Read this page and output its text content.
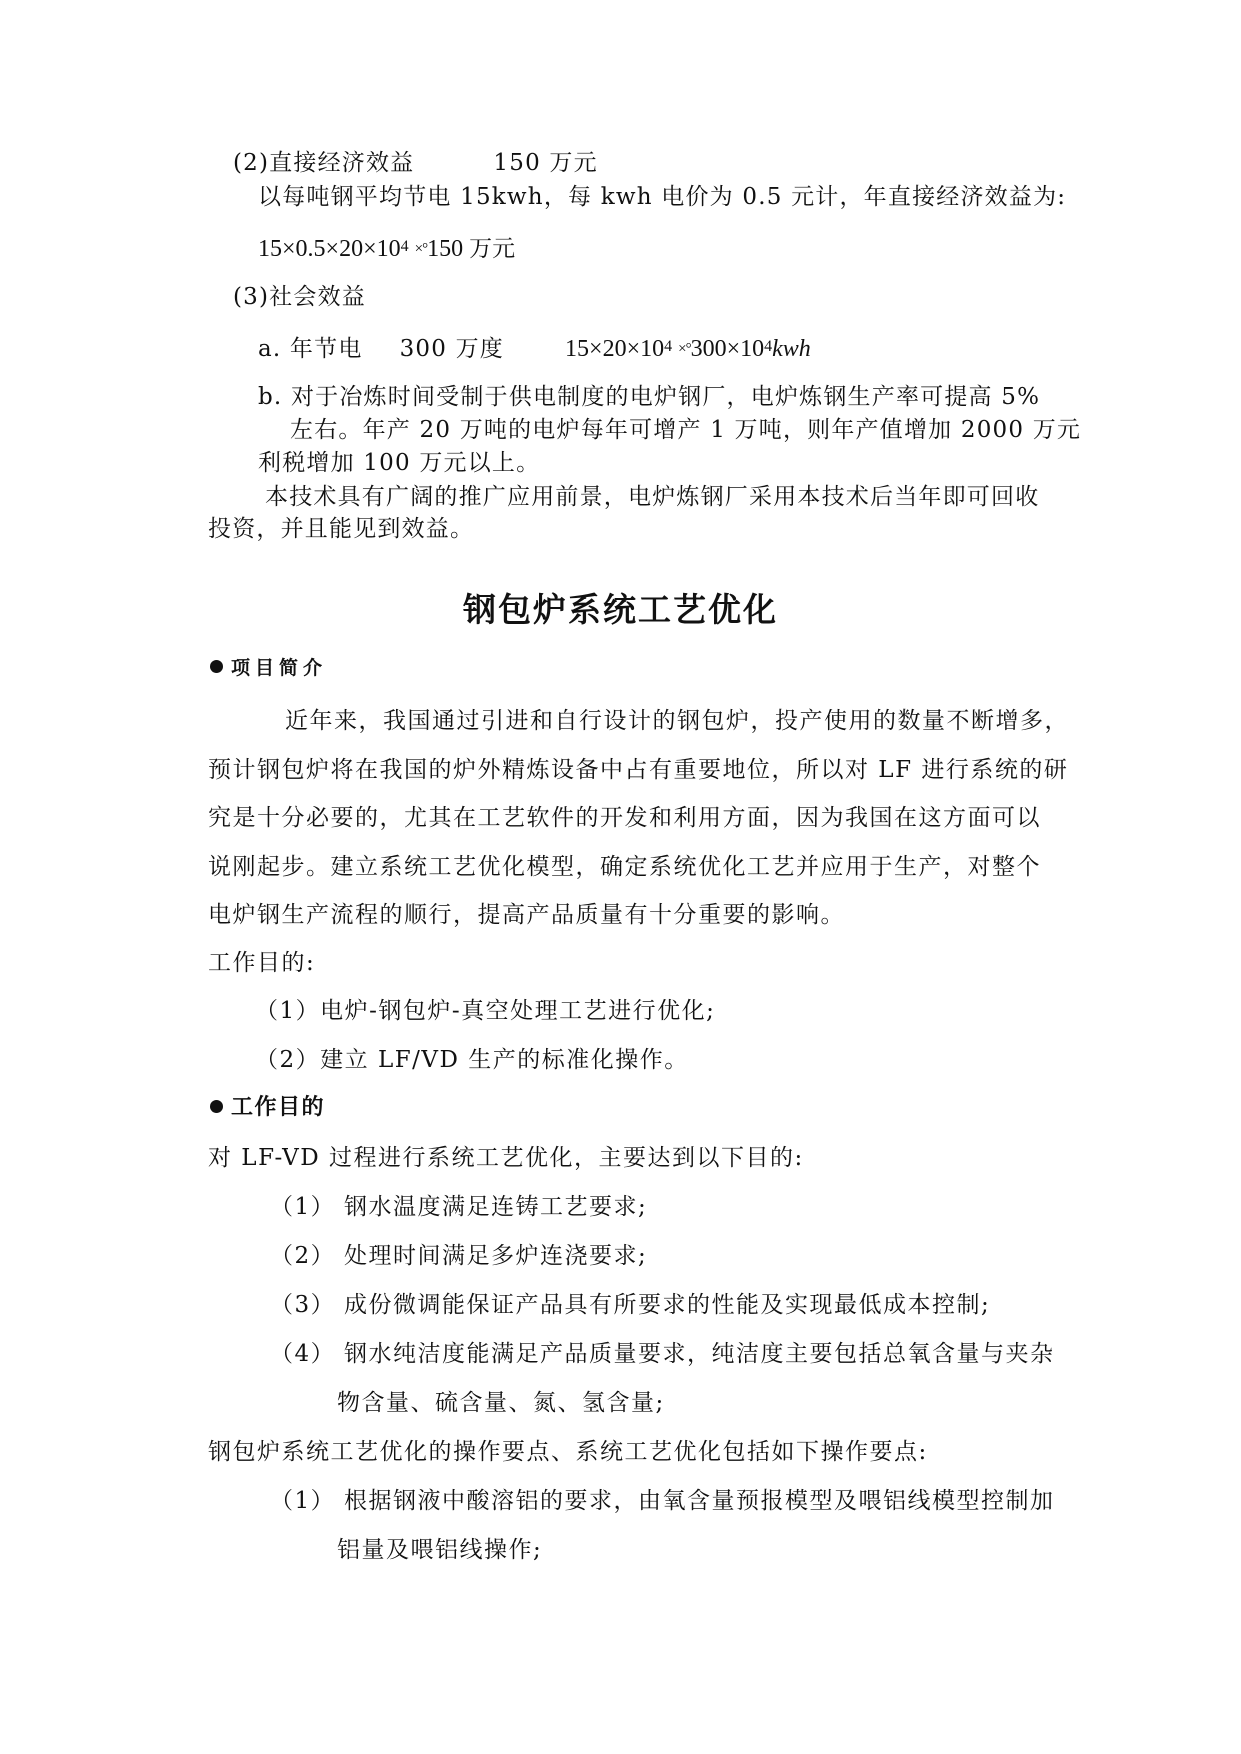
(2)直接经济效益	150 万元
以每吨钢平均节电 15kwh，每 kwh 电价为 0.5 元计，年直接经济效益为:
$15\times 0.5\times 20\times 10^4 \times^\circ 150$ 万元
(3)社会效益
a. 年节电 300 万度	$15\times 20\times 10^4 \times^\circ 300\times 10^4kwh$
b. 对于冶炼时间受制于供电制度的电炉钢厂，电炉炼钢生产率可提高 5%
左右。年产 20 万吨的电炉每年可增产 1 万吨，则年产值增加 2000 万元
利税增加 100 万元以上。
本技术具有广阔的推广应用前景，电炉炼钢厂采用本技术后当年即可回收
投资，并且能见到效益。
钢包炉系统工艺优化
项目简介
近年来，我国通过引进和自行设计的钢包炉，投产使用的数量不断增多，
预计钢包炉将在我国的炉外精炼设备中占有重要地位，所以对 LF 进行系统的研
究是十分必要的，尤其在工艺软件的开发和利用方面，因为我国在这方面可以
说刚起步。建立系统工艺优化模型，确定系统优化工艺并应用于生产，对整个
电炉钢生产流程的顺行，提高产品质量有十分重要的影响。
工作目的:
（1）电炉-钢包炉-真空处理工艺进行优化;
（2）建立 LF/VD 生产的标准化操作。
工作目的
对 LF-VD 过程进行系统工艺优化，主要达到以下目的:
（1） 钢水温度满足连铸工艺要求;
（2） 处理时间满足多炉连浇要求;
（3） 成份微调能保证产品具有所要求的性能及实现最低成本控制;
（4） 钢水纯洁度能满足产品质量要求，纯洁度主要包括总氧含量与夹杂
物含量、硫含量、氮、氢含量;
钢包炉系统工艺优化的操作要点、系统工艺优化包括如下操作要点:
（1） 根据钢液中酸溶铝的要求，由氧含量预报模型及喂铝线模型控制加
铝量及喂铝线操作;
